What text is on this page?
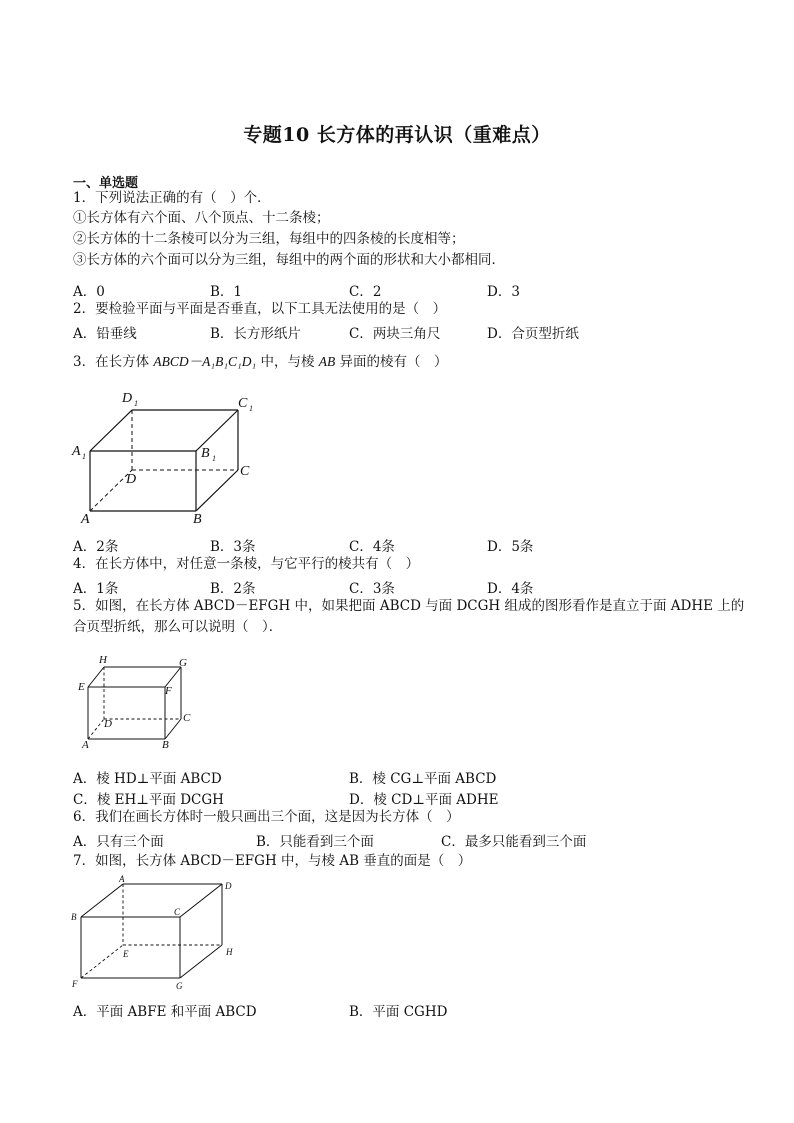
专题10 长方体的再认识（重难点）
一、单选题
1．下列说法正确的有（　）个．
①长方体有六个面、八个顶点、十二条棱；
②长方体的十二条棱可以分为三组，每组中的四条棱的长度相等；
③长方体的六个面可以分为三组，每组中的两个面的形状和大小都相同．
A．0	B．1	C．2	D．3
2．要检验平面与平面是否垂直，以下工具无法使用的是（　）
A．铅垂线	B．长方形纸片	C．两块三角尺	D．合页型折纸
3．在长方体 ABCD－A₁B₁C₁D₁ 中，与棱 AB 异面的棱有（　）
D 1	C 1
A 1	B 1
C
D
A	B
A．2条	B．3条	C．4条	D．5条
4．在长方体中，对任意一条棱，与它平行的棱共有（　）
A．1条	B．2条	C．3条	D．4条
5．如图，在长方体 ABCD－EFGH 中，如果把面 ABCD 与面 DCGH 组成的图形看作是直立于面 ADHE 上的
合页型折纸，那么可以说明（　）．
H	G
E	F
C
D
A	B
A．棱 HD⊥平面 ABCD	B．棱 CG⊥平面 ABCD
C．棱 EH⊥平面 DCGH	D．棱 CD⊥平面 ADHE
6．我们在画长方体时一般只画出三个面，这是因为长方体（　）
A．只有三个面	B．只能看到三个面	C．最多只能看到三个面
7．如图，长方体 ABCD－EFGH 中，与棱 AB 垂直的面是（　）
A
D
B	C
E	H
F	G
A．平面 ABFE 和平面 ABCD	B．平面 CGHD
